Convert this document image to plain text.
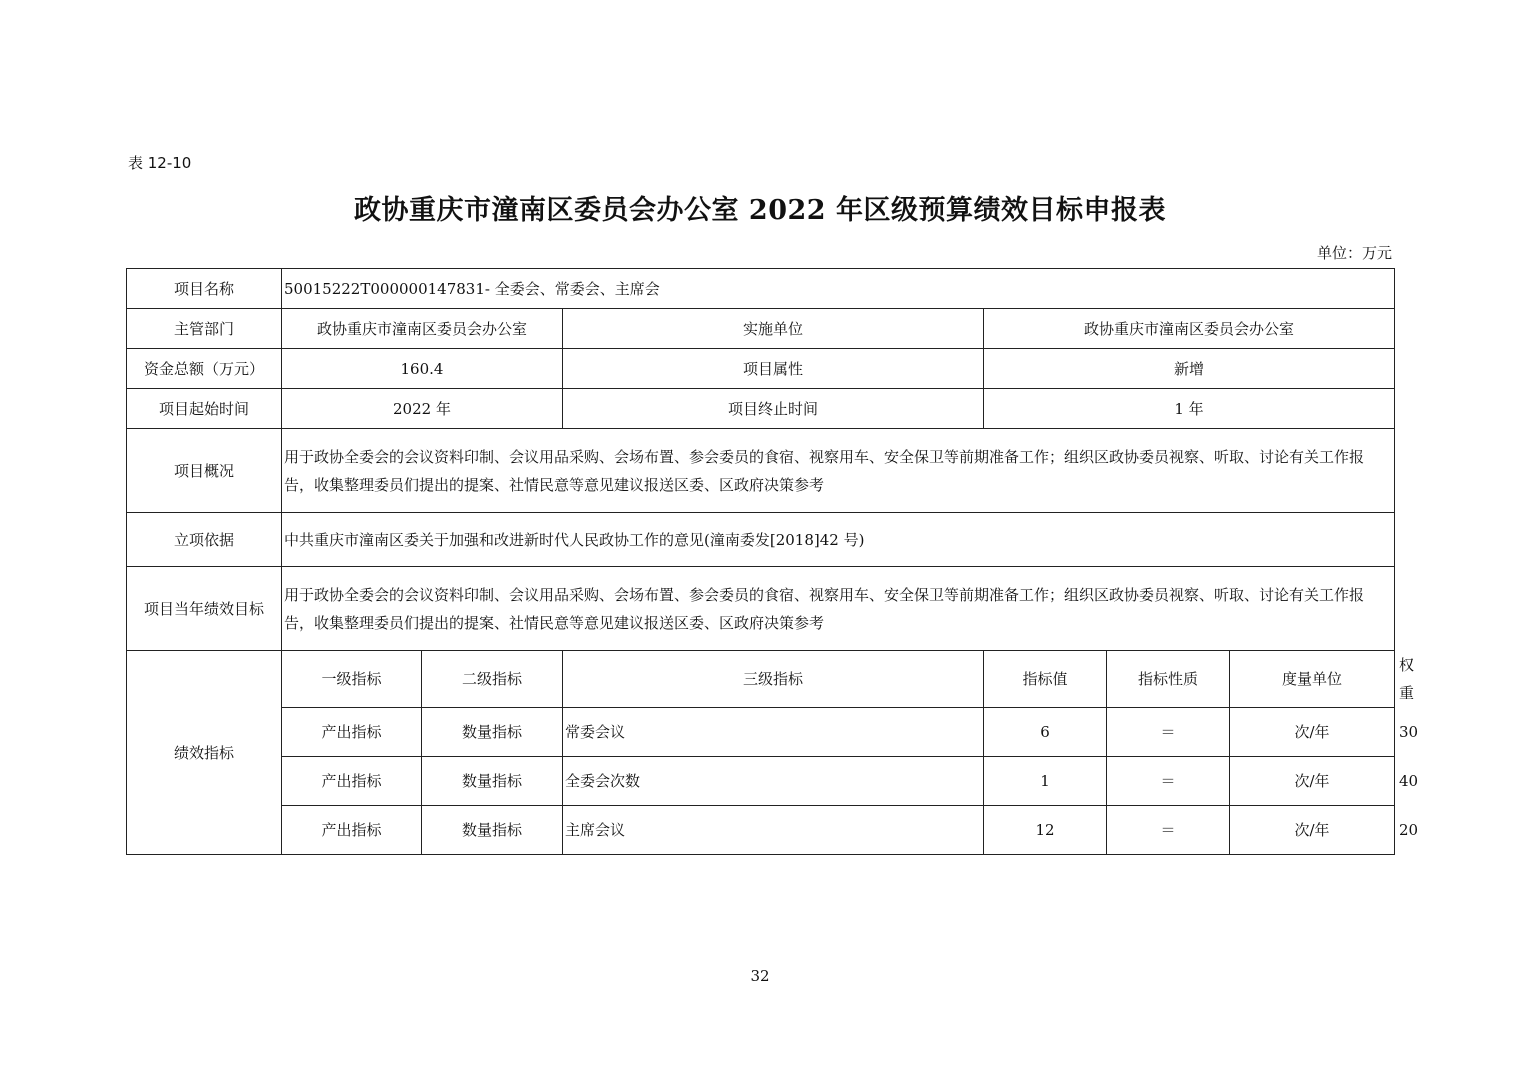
表 12-10
政协重庆市潼南区委员会办公室 2022 年区级预算绩效目标申报表
单位：万元
项目名称	50015222T000000147831- 全委会、常委会、主席会						
主管部门	政协重庆市潼南区委员会办公室		实施单位	政协重庆市潼南区委员会办公室			
资金总额（万元）	160.4		项目属性	新增			
项目起始时间	2022 年		项目终止时间	1 年			
项目概况	用于政协全委会的会议资料印制、会议用品采购、会场布置、参会委员的食宿、视察用车、安全保卫等前期准备工作；组织区政协委员视察、听取、讨论有关工作报告，收集整理委员们提出的提案、社情民意等意见建议报送区委、区政府决策参考						
立项依据	中共重庆市潼南区委关于加强和改进新时代人民政协工作的意见(潼南委发[2018]42 号)						
项目当年绩效目标	用于政协全委会的会议资料印制、会议用品采购、会场布置、参会委员的食宿、视察用车、安全保卫等前期准备工作；组织区政协委员视察、听取、讨论有关工作报告，收集整理委员们提出的提案、社情民意等意见建议报送区委、区政府决策参考						
绩效指标	一级指标	二级指标	三级指标	指标值	指标性质	度量单位	权重
	产出指标	数量指标	常委会议	6	＝	次/年	30
	产出指标	数量指标	全委会次数	1	＝	次/年	40
	产出指标	数量指标	主席会议	12	＝	次/年	20
32
